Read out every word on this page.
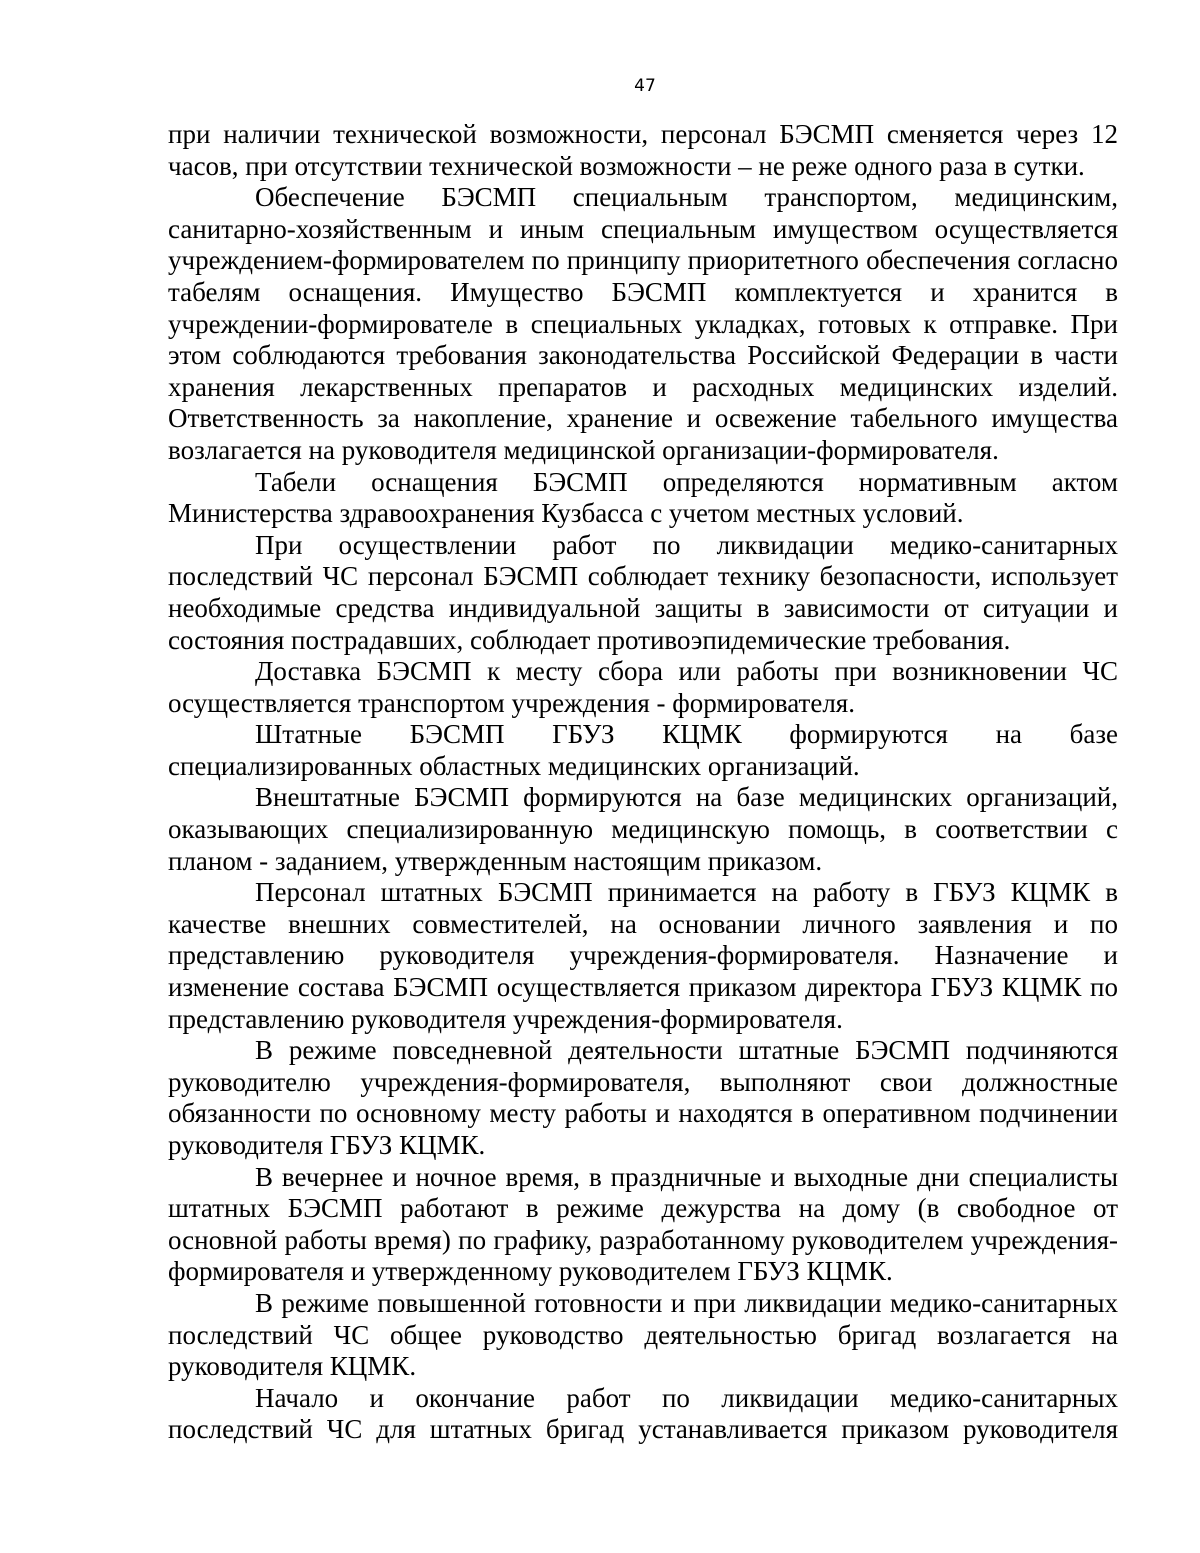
47

при наличии технической возможности, персонал БЭСМП сменяется через 12 часов, при отсутствии технической возможности – не реже одного раза в сутки.

Обеспечение БЭСМП специальным транспортом, медицинским, санитарно-хозяйственным и иным специальным имуществом осуществляется учреждением-формирователем по принципу приоритетного обеспечения согласно табелям оснащения. Имущество БЭСМП комплектуется и хранится в учреждении-формирователе в специальных укладках, готовых к отправке. При этом соблюдаются требования законодательства Российской Федерации в части хранения лекарственных препаратов и расходных медицинских изделий. Ответственность за накопление, хранение и освежение табельного имущества возлагается на руководителя медицинской организации-формирователя.

Табели оснащения БЭСМП определяются нормативным актом Министерства здравоохранения Кузбасса с учетом местных условий.

При осуществлении работ по ликвидации медико-санитарных последствий ЧС персонал БЭСМП соблюдает технику безопасности, использует необходимые средства индивидуальной защиты в зависимости от ситуации и состояния пострадавших, соблюдает противоэпидемические требования.

Доставка БЭСМП к месту сбора или работы при возникновении ЧС осуществляется транспортом учреждения - формирователя.

Штатные БЭСМП ГБУЗ КЦМК формируются на базе специализированных областных медицинских организаций.

Внештатные БЭСМП формируются на базе медицинских организаций, оказывающих специализированную медицинскую помощь, в соответствии с планом - заданием, утвержденным настоящим приказом.

Персонал штатных БЭСМП принимается на работу в ГБУЗ КЦМК в качестве внешних совместителей, на основании личного заявления и по представлению руководителя учреждения-формирователя. Назначение и изменение состава БЭСМП осуществляется приказом директора ГБУЗ КЦМК по представлению руководителя учреждения-формирователя.

В режиме повседневной деятельности штатные БЭСМП подчиняются руководителю учреждения-формирователя, выполняют свои должностные обязанности по основному месту работы и находятся в оперативном подчинении руководителя ГБУЗ КЦМК.

В вечернее и ночное время, в праздничные и выходные дни специалисты штатных БЭСМП работают в режиме дежурства на дому (в свободное от основной работы время) по графику, разработанному руководителем учреждения-формирователя и утвержденному руководителем ГБУЗ КЦМК.

В режиме повышенной готовности и при ликвидации медико-санитарных последствий ЧС общее руководство деятельностью бригад возлагается на руководителя КЦМК.

Начало и окончание работ по ликвидации медико-санитарных последствий ЧС для штатных бригад устанавливается приказом руководителя
